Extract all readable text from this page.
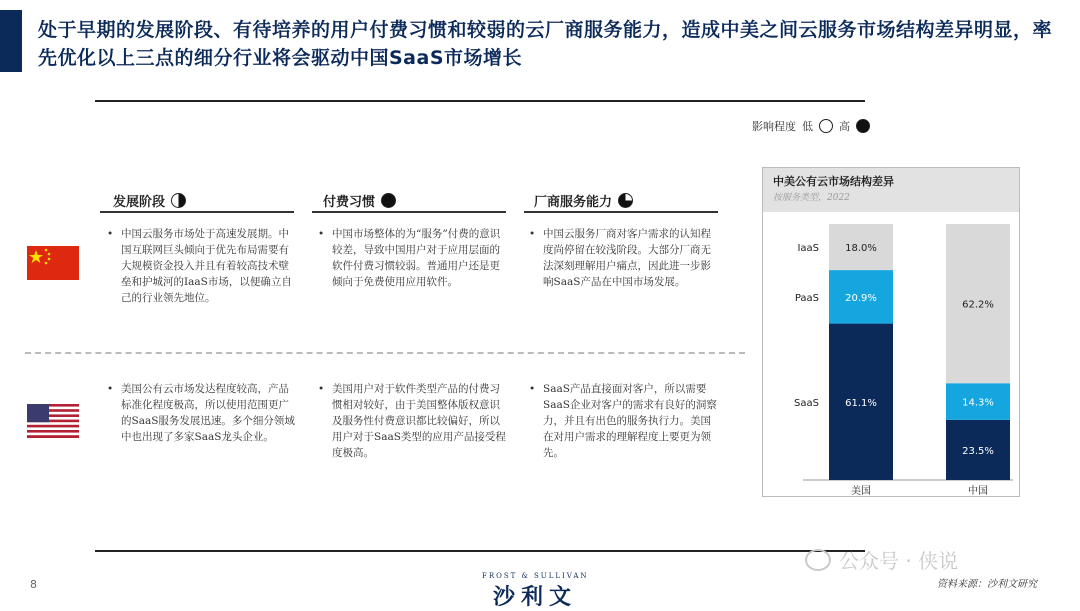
处于早期的发展阶段、有待培养的用户付费习惯和较弱的云厂商服务能力，造成中美之间云服务市场结构差异明显，率先优化以上三点的细分行业将会驱动中国SaaS市场增长
影响程度 低 高
发展阶段	付费习惯	厂商服务能力
• 中国云服务市场处于高速发展期。中国互联网巨头倾向于优先布局需要有大规模资金投入并且有着较高技术壁垒和护城河的IaaS市场，以便确立自己的行业领先地位。
• 中国市场整体的为“服务”付费的意识较差，导致中国用户对于应用层面的软件付费习惯较弱。普通用户还是更倾向于免费使用应用软件。
• 中国云服务厂商对客户需求的认知程度尚停留在较浅阶段。大部分厂商无法深刻理解用户痛点，因此进一步影响SaaS产品在中国市场发展。
• 美国公有云市场发达程度较高，产品标准化程度极高，所以使用范围更广的SaaS服务发展迅速。多个细分领域中也出现了多家SaaS龙头企业。
• 美国用户对于软件类型产品的付费习惯相对较好，由于美国整体版权意识及服务性付费意识都比较偏好，所以用户对于SaaS类型的应用产品接受程度极高。
• SaaS产品直接面对客户，所以需要SaaS企业对客户的需求有良好的洞察力，并且有出色的服务执行力。美国在对用户需求的理解程度上要更为领先。
中美公有云市场结构差异
按服务类型，2022
61.1%
20.9%
18.0%
美国
23.5%
14.3%
62.2%
中国
SaaS
PaaS
IaaS
8
FROST & SULLIVAN
沙利文
公众号 · 侠说
资料来源：沙利文研究
